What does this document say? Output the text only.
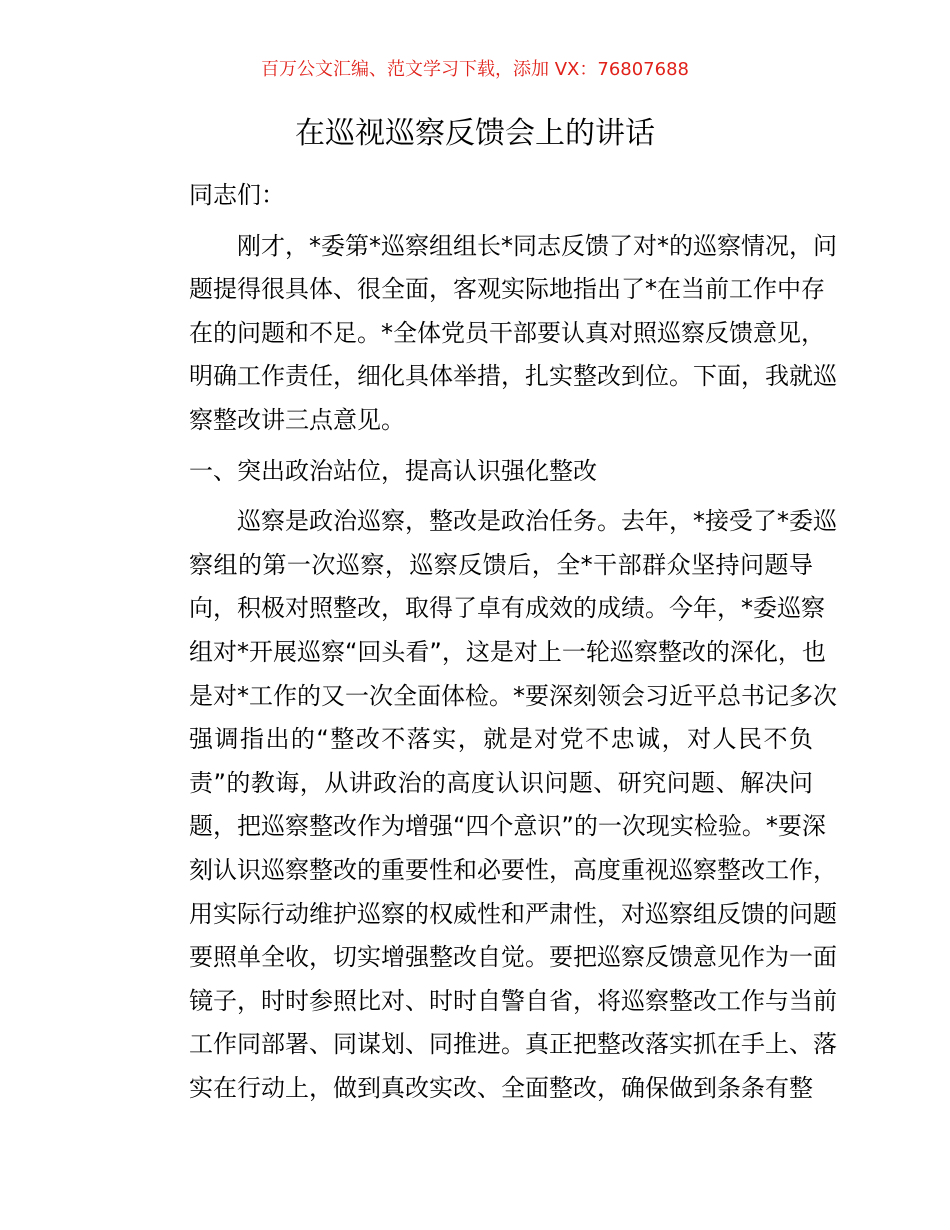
百万公文汇编、范文学习下载，添加 VX：76807688
在巡视巡察反馈会上的讲话

同志们：

刚才，*委第*巡察组组长*同志反馈了对*的巡察情况，问
题提得很具体、很全面，客观实际地指出了*在当前工作中存
在的问题和不足。*全体党员干部要认真对照巡察反馈意见，
明确工作责任，细化具体举措，扎实整改到位。下面，我就巡
察整改讲三点意见。

一、突出政治站位，提高认识强化整改

巡察是政治巡察，整改是政治任务。去年，*接受了*委巡
察组的第一次巡察，巡察反馈后，全*干部群众坚持问题导
向，积极对照整改，取得了卓有成效的成绩。今年，*委巡察
组对*开展巡察“回头看”，这是对上一轮巡察整改的深化，也
是对*工作的又一次全面体检。*要深刻领会习近平总书记多次
强调指出的“整改不落实，就是对党不忠诚，对人民不负
责”的教诲，从讲政治的高度认识问题、研究问题、解决问
题，把巡察整改作为增强“四个意识”的一次现实检验。*要深
刻认识巡察整改的重要性和必要性，高度重视巡察整改工作，
用实际行动维护巡察的权威性和严肃性，对巡察组反馈的问题
要照单全收，切实增强整改自觉。要把巡察反馈意见作为一面
镜子，时时参照比对、时时自警自省，将巡察整改工作与当前
工作同部署、同谋划、同推进。真正把整改落实抓在手上、落
实在行动上，做到真改实改、全面整改，确保做到条条有整
